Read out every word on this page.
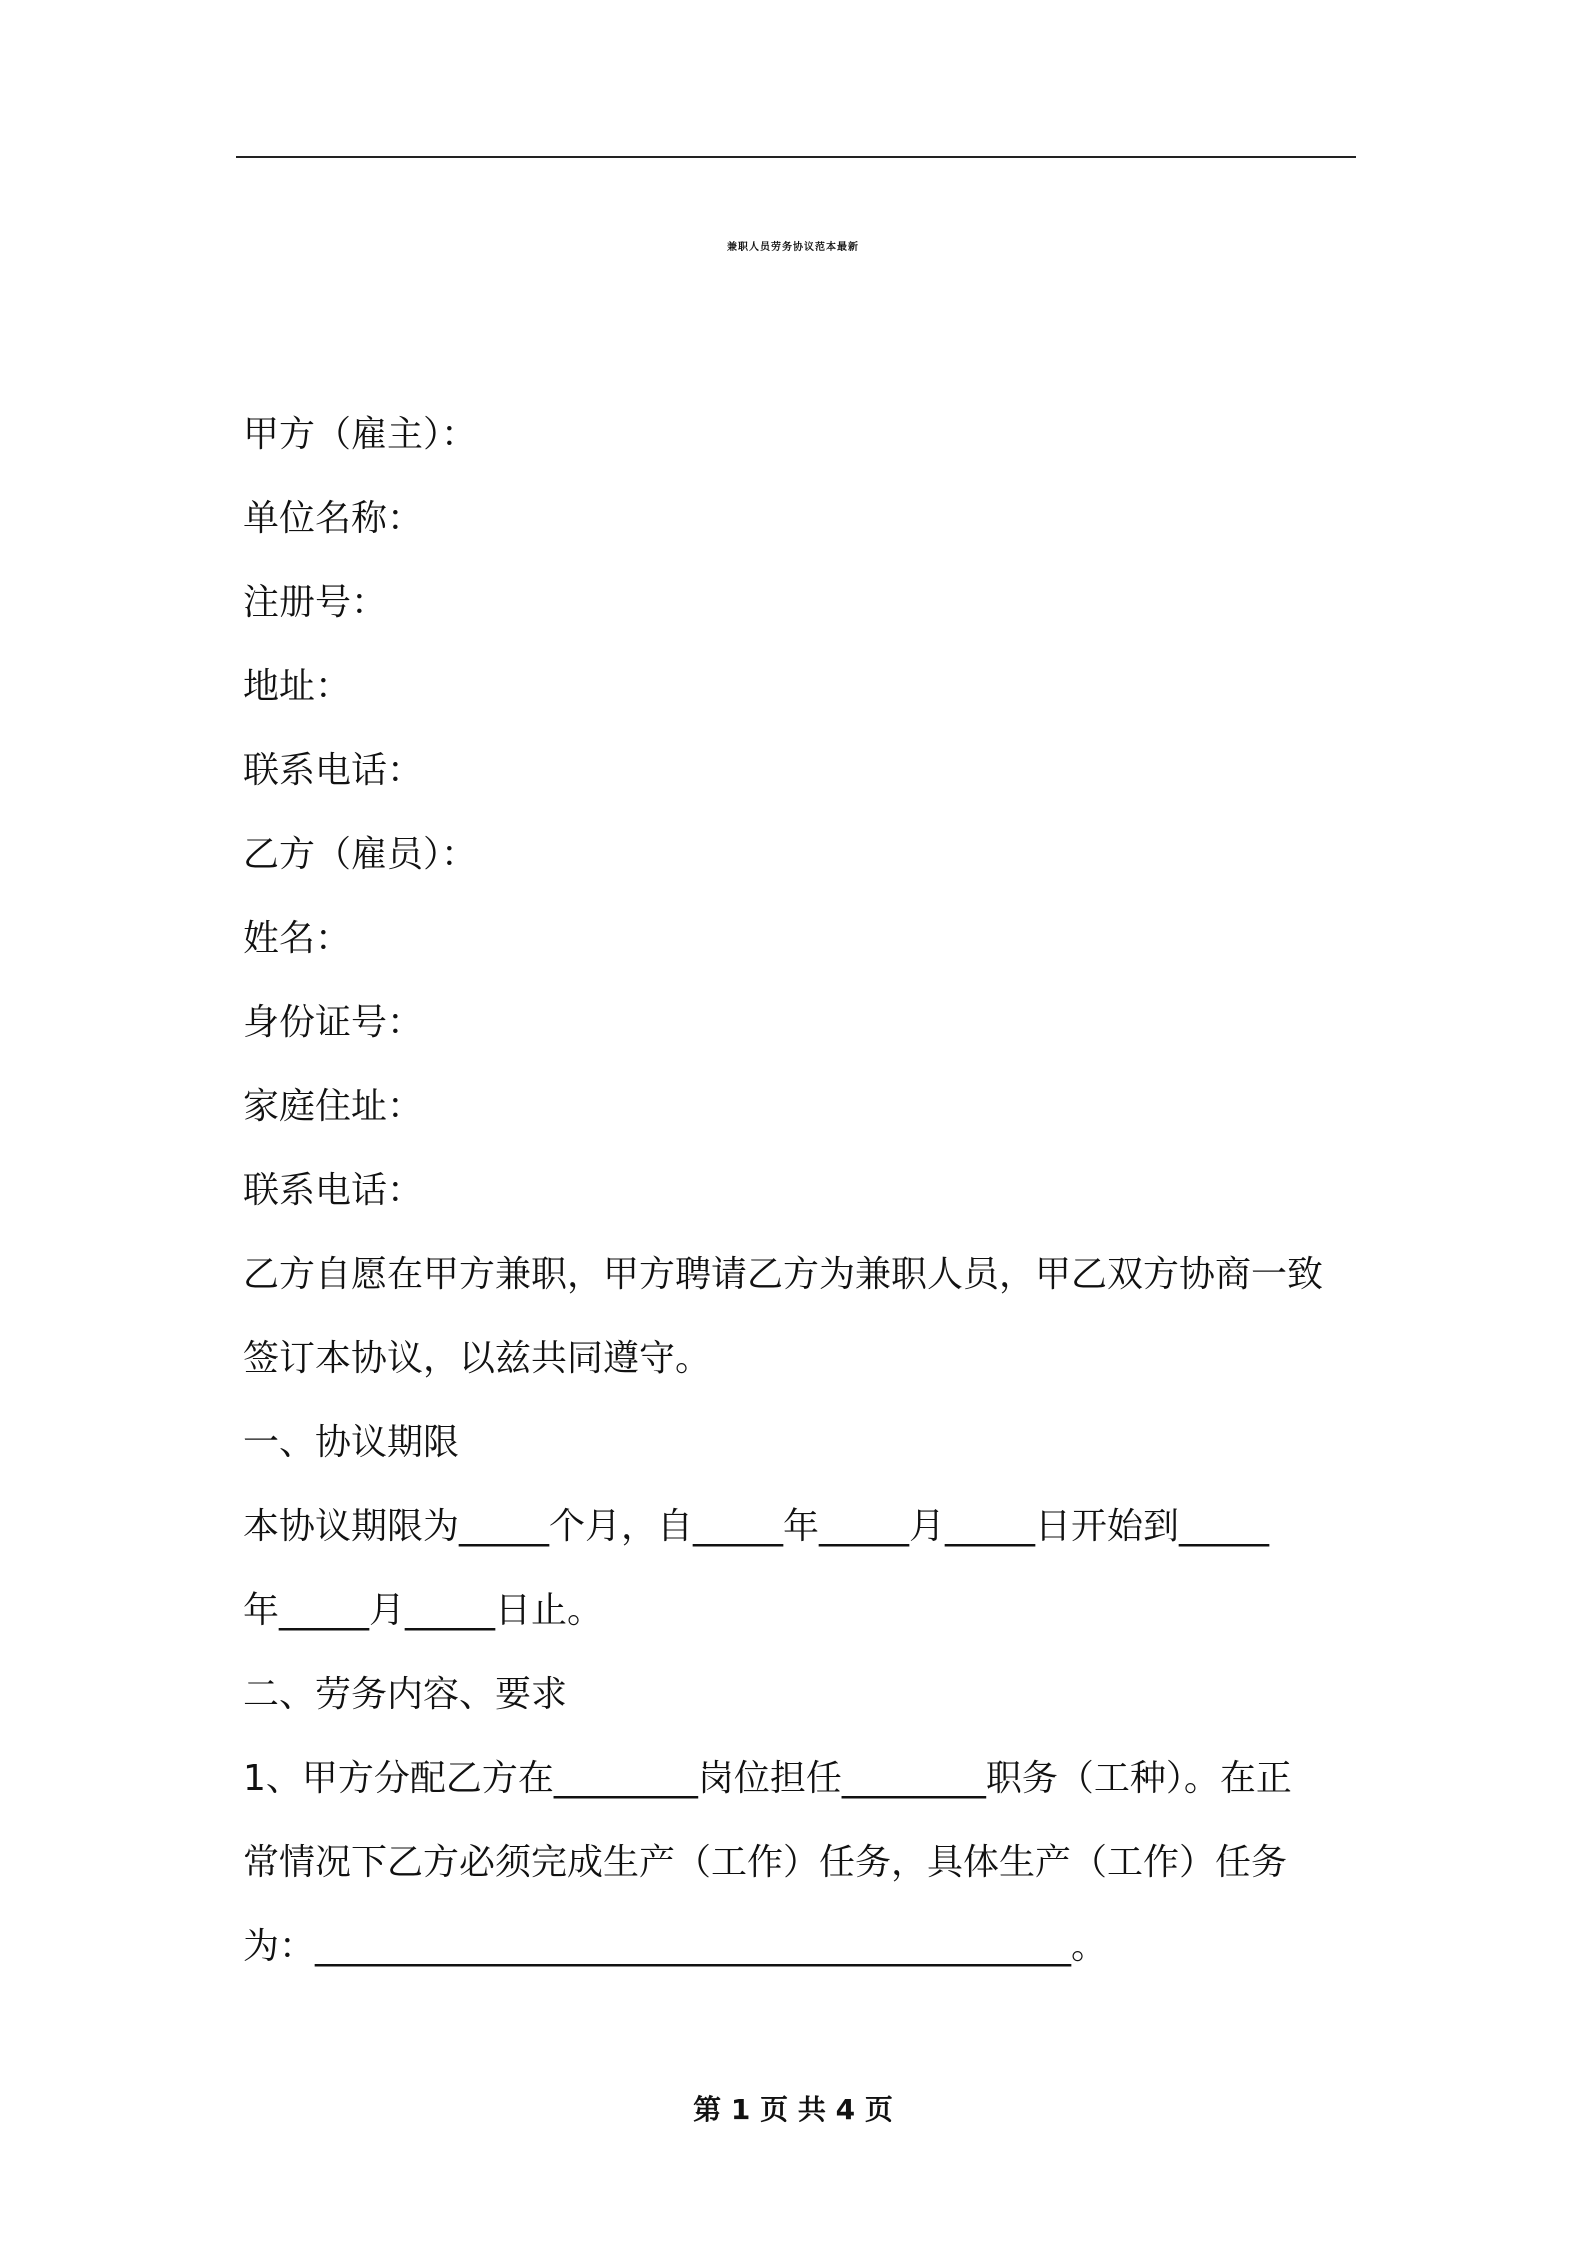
兼职人员劳务协议范本最新
甲方（雇主）：
单位名称：
注册号：
地址：
联系电话：
乙方（雇员）：
姓名：
身份证号：
家庭住址：
联系电话：
乙方自愿在甲方兼职，甲方聘请乙方为兼职人员，甲乙双方协商一致
签订本协议，以兹共同遵守。
一、协议期限
本协议期限为_____个月，自_____年_____月_____日开始到_____
年_____月_____日止。
二、劳务内容、要求
1、甲方分配乙方在________岗位担任________职务（工种）。在正
常情况下乙方必须完成生产（工作）任务，具体生产（工作）任务
为：__________________________________________。
第 1 页 共 4 页
